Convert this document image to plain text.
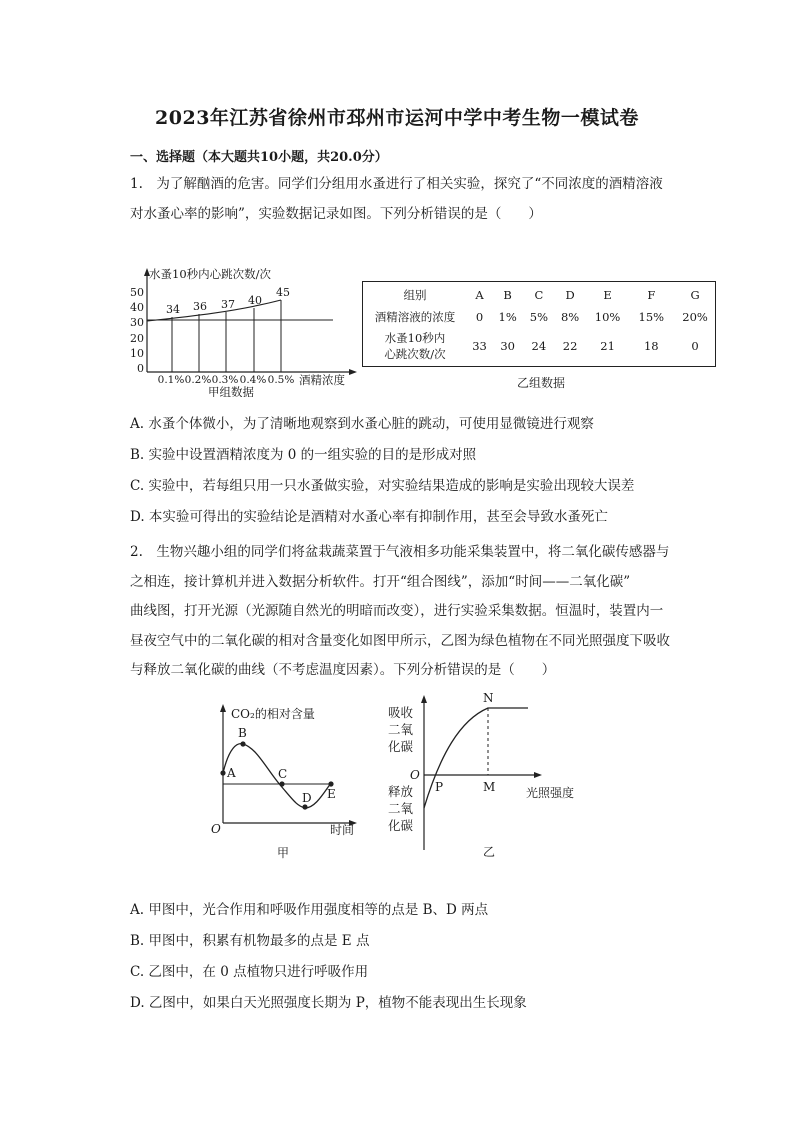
2023年江苏省徐州市邳州市运河中学中考生物一模试卷
一、选择题（本大题共10小题，共20.0分）
1.　为了解酗酒的危害。同学们分组用水蚤进行了相关实验，探究了“不同浓度的酒精溶液
对水蚤心率的影响”，实验数据记录如图。下列分析错误的是（　　）
水蚤10秒内心跳次数/次
50
40
30
20
10
0
34 36 37 40
45
0.1% 0.2% 0.3% 0.4% 0.5% 酒精浓度
甲组数据
组别	A	B	C	D	E	F	G
酒精溶液的浓度	0	1%	5%	8%	10%	15%	20%

水蚤10秒内
心跳次数/次	33	30	24	22	21	18	0
乙组数据
A. 水蚤个体微小，为了清晰地观察到水蚤心脏的跳动，可使用显微镜进行观察
B. 实验中设置酒精浓度为 0 的一组实验的目的是形成对照
C. 实验中，若每组只用一只水蚤做实验，对实验结果造成的影响是实验出现较大误差
D. 本实验可得出的实验结论是酒精对水蚤心率有抑制作用，甚至会导致水蚤死亡
2.　生物兴趣小组的同学们将盆栽蔬菜置于气液相多功能采集装置中，将二氧化碳传感器与
之相连，接计算机并进入数据分析软件。打开“组合图线”，添加“时间——二氧化碳”
曲线图，打开光源（光源随自然光的明暗而改变），进行实验采集数据。恒温时，装置内一
昼夜空气中的二氧化碳的相对含量变化如图甲所示，乙图为绿色植物在不同光照强度下吸收
与释放二氧化碳的曲线（不考虑温度因素）。下列分析错误的是（　　）
CO₂的相对含量
A
B
C
D E
O	时间
甲
吸收
二氧
化碳
释放
二氧
化碳
O
N
P	M	光照强度
乙
A. 甲图中，光合作用和呼吸作用强度相等的点是 B、D 两点
B. 甲图中，积累有机物最多的点是 E 点
C. 乙图中，在 0 点植物只进行呼吸作用
D. 乙图中，如果白天光照强度长期为 P，植物不能表现出生长现象
